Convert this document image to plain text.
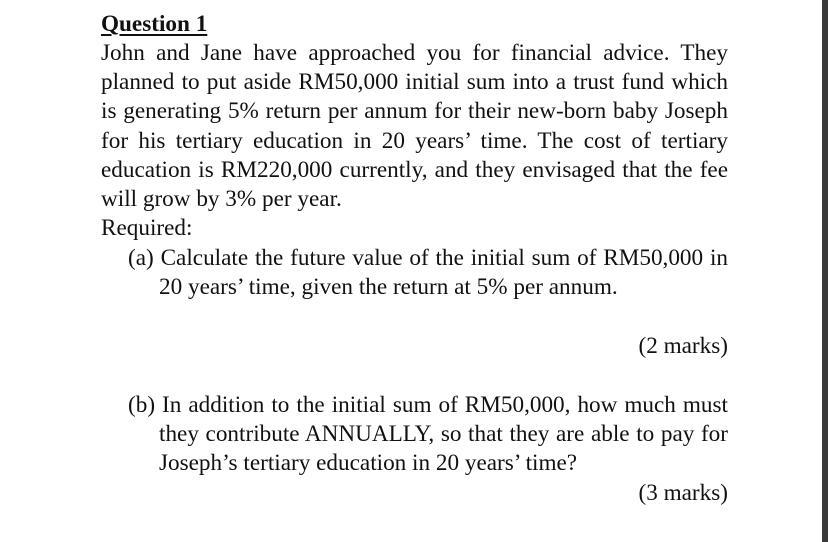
Question 1
John and Jane have approached you for financial advice. They planned to put aside RM50,000 initial sum into a trust fund which is generating 5% return per annum for their new-born baby Joseph for his tertiary education in 20 years’ time. The cost of tertiary education is RM220,000 currently, and they envisaged that the fee will grow by 3% per year.
Required:
(a) Calculate the future value of the initial sum of RM50,000 in 20 years’ time, given the return at 5% per annum.
(2 marks)
(b) In addition to the initial sum of RM50,000, how much must they contribute ANNUALLY, so that they are able to pay for Joseph’s tertiary education in 20 years’ time?
(3 marks)
